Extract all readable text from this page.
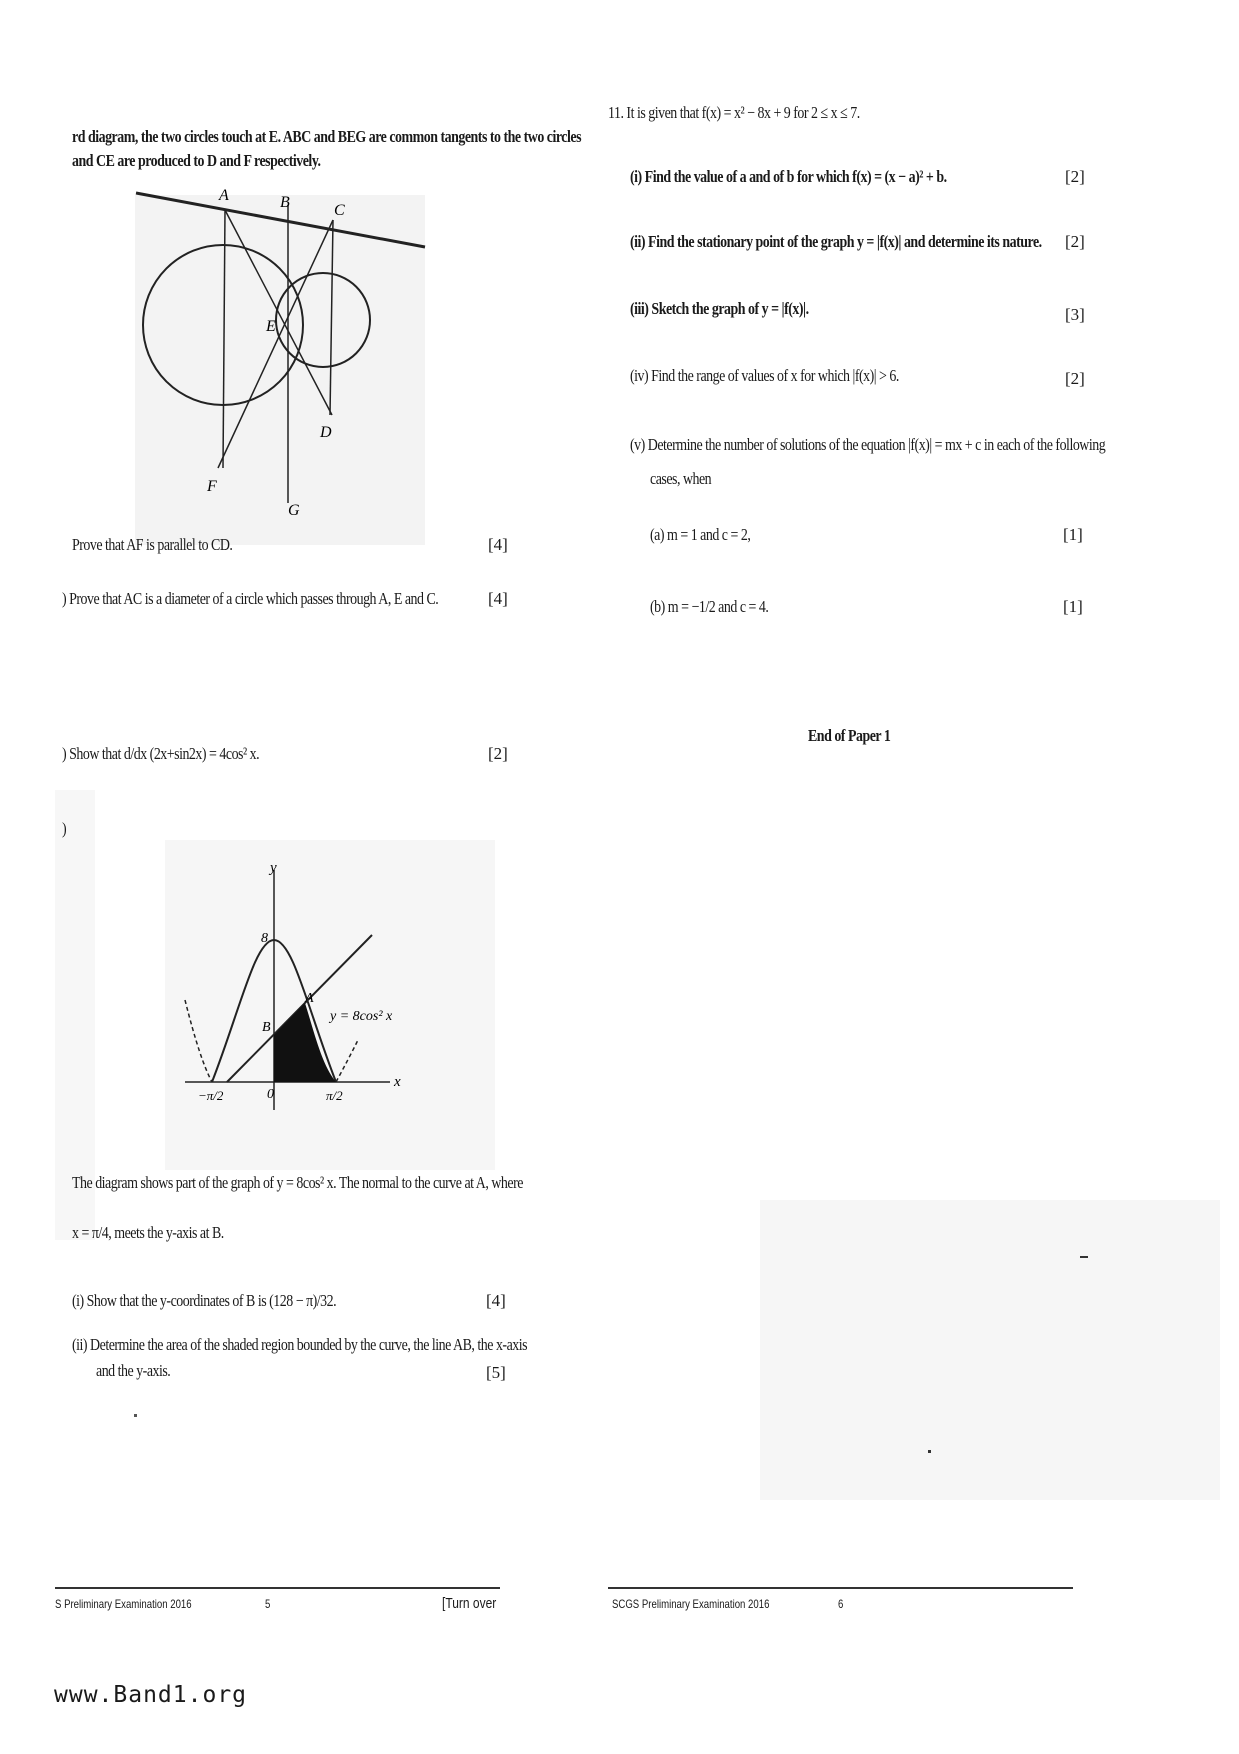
rd diagram, the two circles touch at E. ABC and BEG are common tangents to the two circles
and CE are produced to D and F respectively.
A	B	C
D
E
F
G
Prove that AF is parallel to CD.	[4]
) Prove that AC is a diameter of a circle which passes through A, E and C.	[4]
) Show that d/dx (2x+sin2x) = 4cos² x.	[2]
)
y
x
8
B
A
0
−π/2	π/2
y = 8cos² x
The diagram shows part of the graph of y = 8cos² x. The normal to the curve at A, where
x = π/4, meets the y-axis at B.
(i) Show that the y-coordinates of B is (128 − π)/32.	[4]
(ii) Determine the area of the shaded region bounded by the curve, the line AB, the x-axis
and the y-axis.	[5]
S Preliminary Examination 2016	5	[Turn over
11. It is given that f(x) = x² − 8x + 9 for 2 ≤ x ≤ 7.
(i) Find the value of a and of b for which f(x) = (x − a)² + b.	[2]
(ii) Find the stationary point of the graph y = |f(x)| and determine its nature. [2]
(iii) Sketch the graph of y = |f(x)|.	[3]
(iv) Find the range of values of x for which |f(x)| > 6.	[2]
(v) Determine the number of solutions of the equation |f(x)| = mx + c in each of the following
cases, when
(a) m = 1 and c = 2,	[1]
(b) m = −1/2 and c = 4.	[1]
End of Paper 1
SCGS Preliminary Examination 2016	6
www.Band1.org
